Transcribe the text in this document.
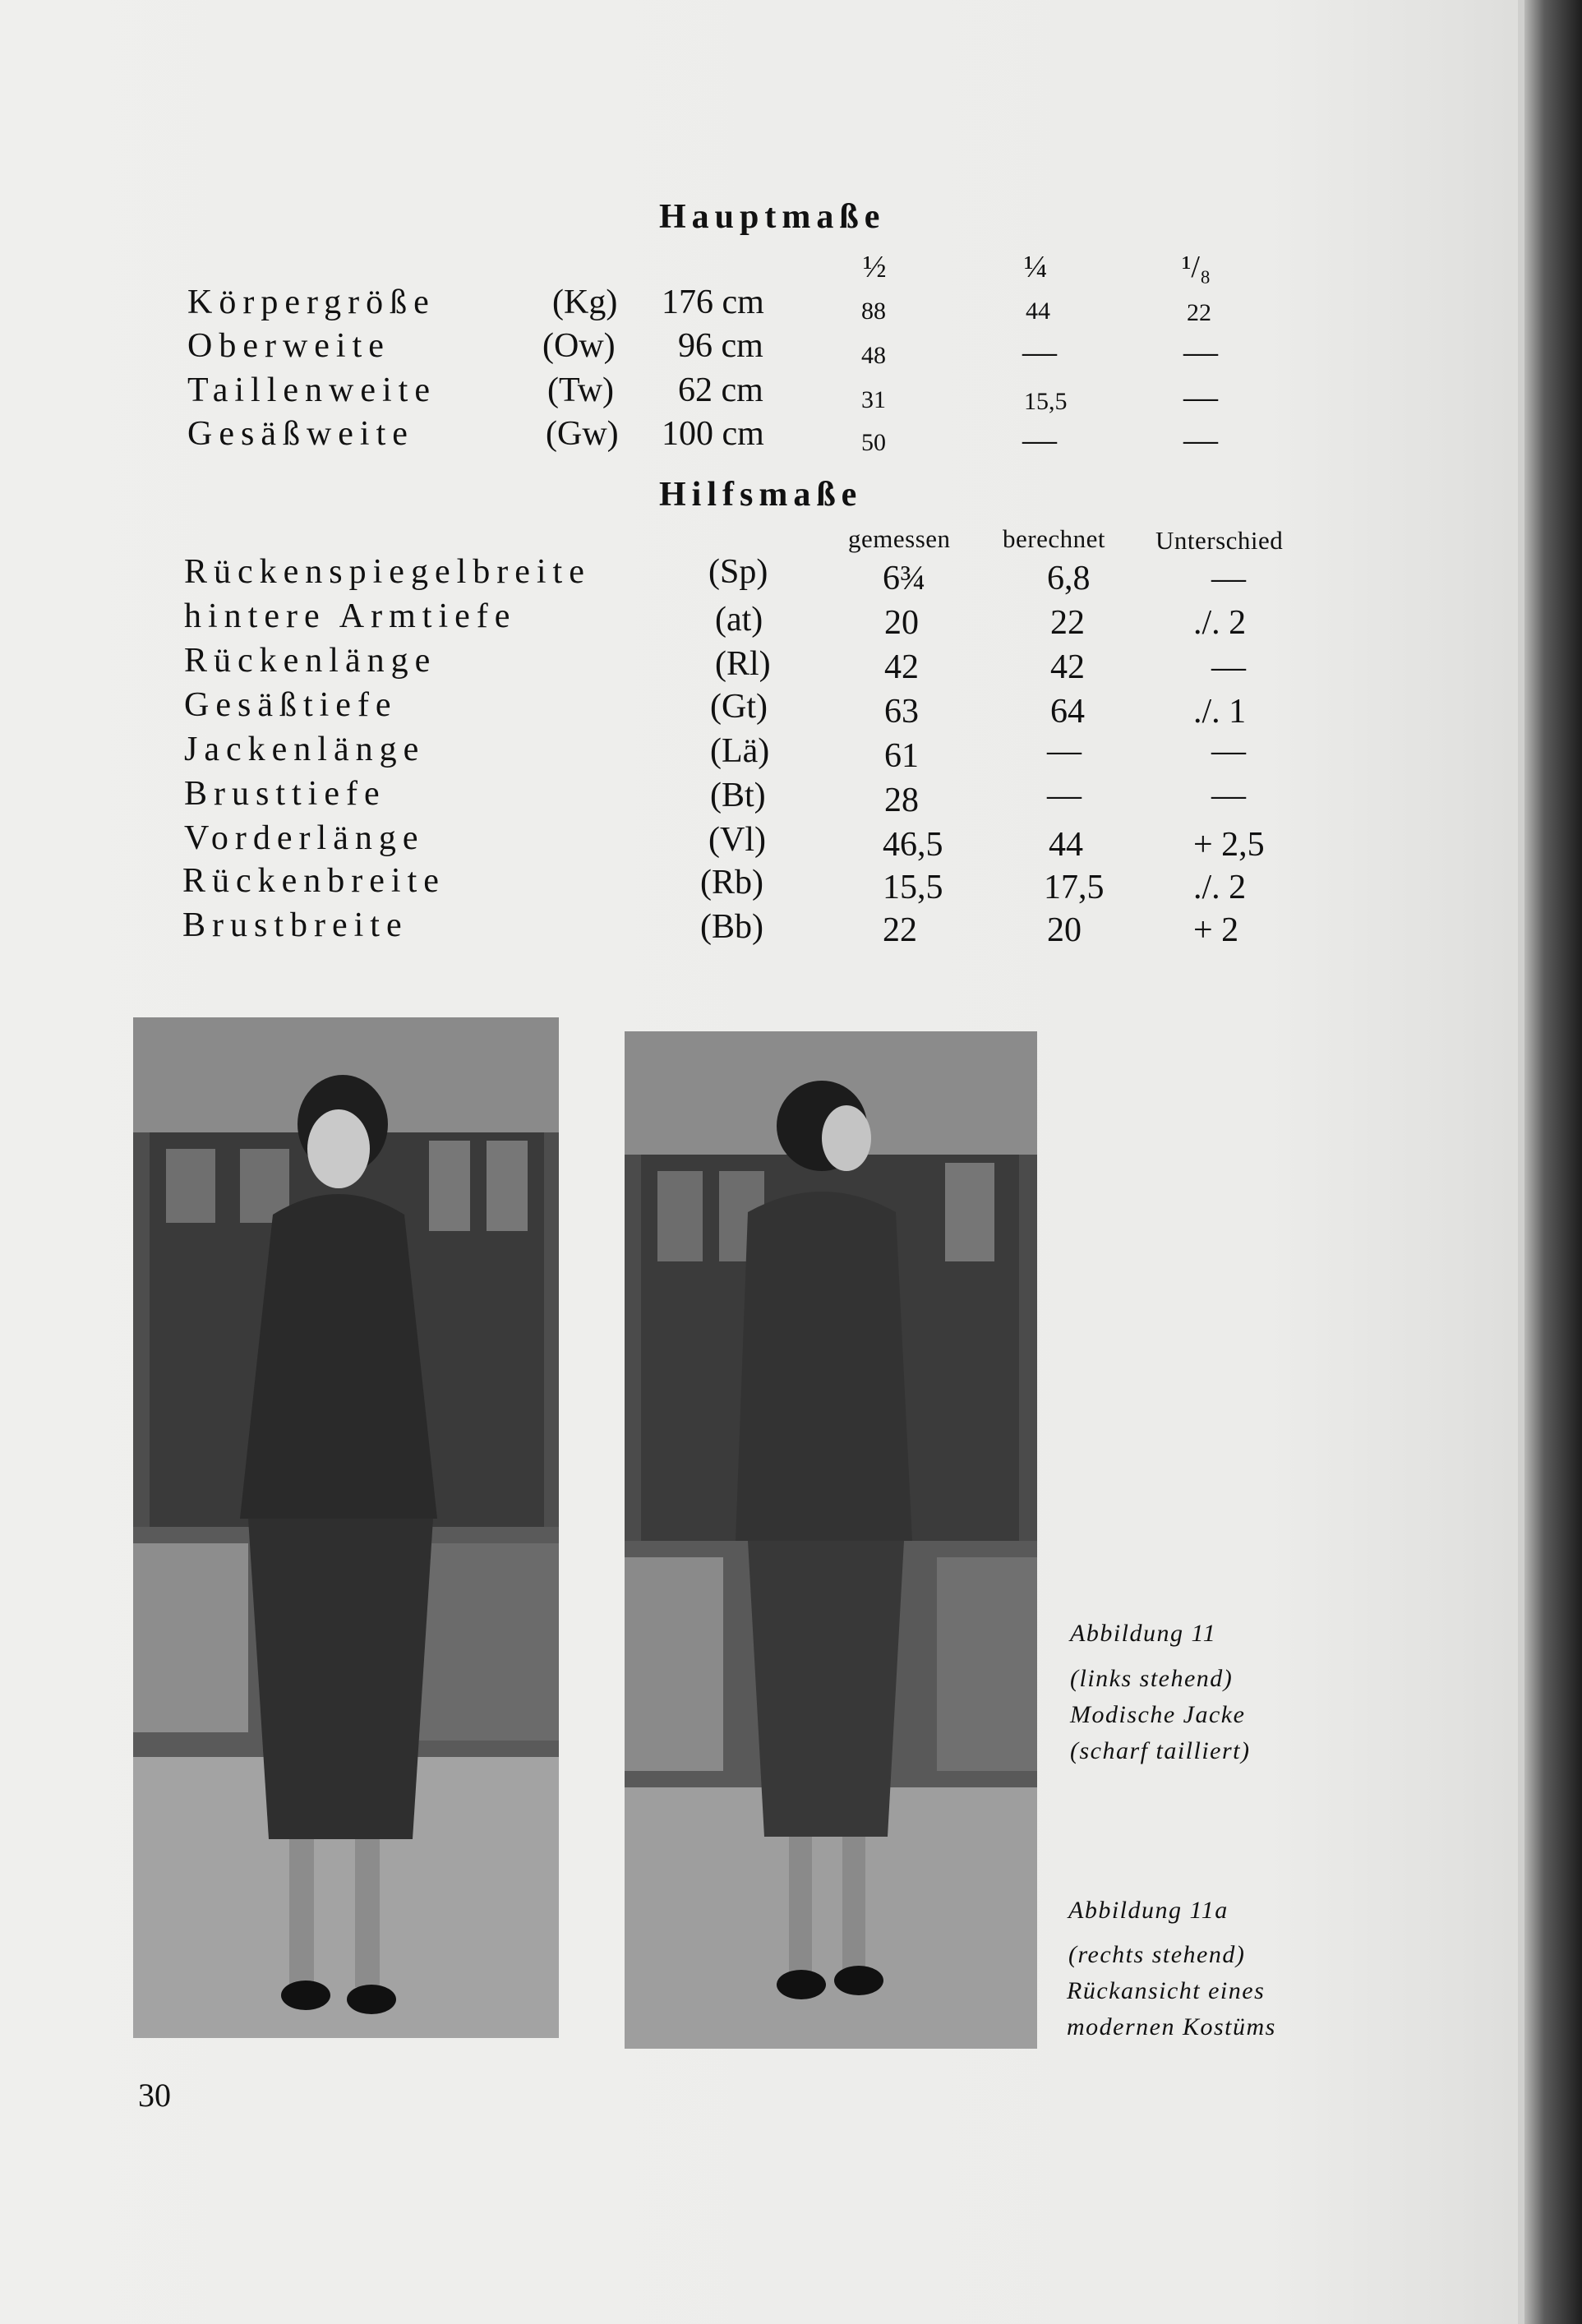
Hauptmaße
½	¼	¹/₈
Körpergröße	(Kg) 176 cm	88	44	22
Oberweite	(Ow) 96 cm	48	—	—
Taillenweite	(Tw) 62 cm	31	15,5	—
Gesäßweite	(Gw) 100 cm	50	—	—
Hilfsmaße
gemessen berechnet Unterschied
Rückenspiegelbreite	(Sp)	6¾	6,8	—
hintere Armtiefe	(at)	20	22	./. 2
Rückenlänge	(Rl)	42	42	—
Gesäßtiefe	(Gt)	63	64	./. 1
Jackenlänge	(Lä)	61	—	—
Brusttiefe	(Bt)	28	—	—
Vorderlänge	(Vl)	46,5	44	+ 2,5
Rückenbreite	(Rb)	15,5	17,5	./. 2
Brustbreite	(Bb)	22	20	+ 2
Abbildung 11
(links stehend)
Modische Jacke
(scharf tailliert)
Abbildung 11a
(rechts stehend)
Rückansicht eines
modernen Kostüms
30
